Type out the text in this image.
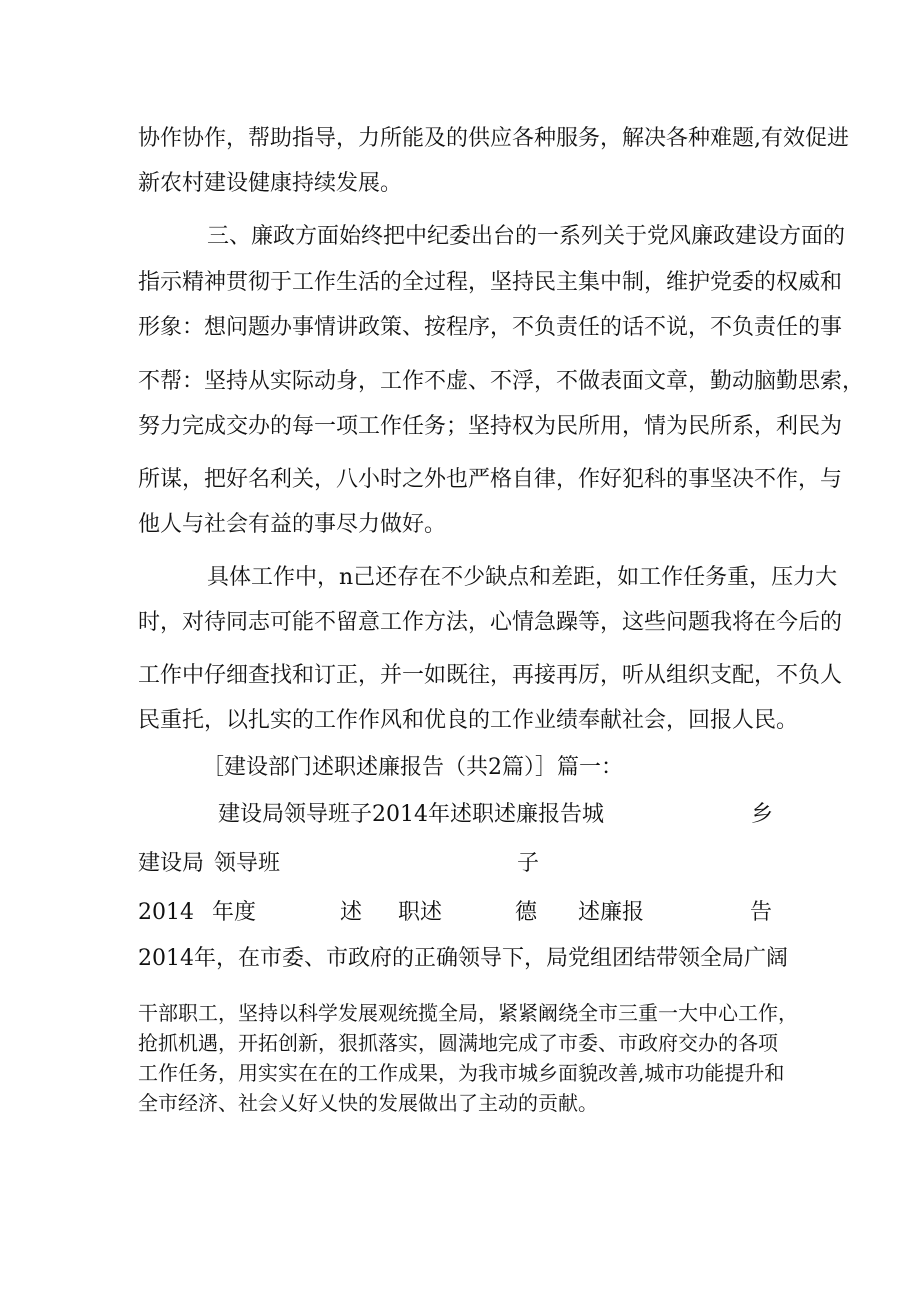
协作协作，帮助指导，力所能及的供应各种服务，解决各种难题,有效促进
新农村建设健康持续发展。
三、廉政方面始终把中纪委出台的一系列关于党风廉政建设方面的
指示精神贯彻于工作生活的全过程，坚持民主集中制，维护党委的权威和
形象：想问题办事情讲政策、按程序，不负责任的话不说，不负责任的事
不帮：坚持从实际动身，工作不虚、不浮，不做表面文章，勤动脑勤思索，
努力完成交办的每一项工作任务；坚持权为民所用，情为民所系，利民为
所谋，把好名利关，八小时之外也严格自律，作好犯科的事坚决不作，与
他人与社会有益的事尽力做好。
具体工作中，n己还存在不少缺点和差距，如工作任务重，压力大
时，对待同志可能不留意工作方法，心情急躁等，这些问题我将在今后的
工作中仔细查找和订正，并一如既往，再接再厉，听从组织支配，不负人
民重托，以扎实的工作作风和优良的工作业绩奉献社会，回报人民。
［建设部门述职述廉报告（共2篇）］篇一：
建设局领导班子2014年述职述廉报告城	乡
建设局 领导班	子
2014 年度	述 职述	德 述廉报	告
2014年，在市委、市政府的正确领导下，局党组团结带领全局广阔
干部职工，坚持以科学发展观统揽全局，紧紧阚绕全市三重一大中心工作，
抢抓机遇，开拓创新，狠抓落实，圆满地完成了市委、市政府交办的各项
工作任务，用实实在在的工作成果，为我市城乡面貌改善,城市功能提升和
全市经济、社会乂好乂快的发展做出了主动的贡献。
